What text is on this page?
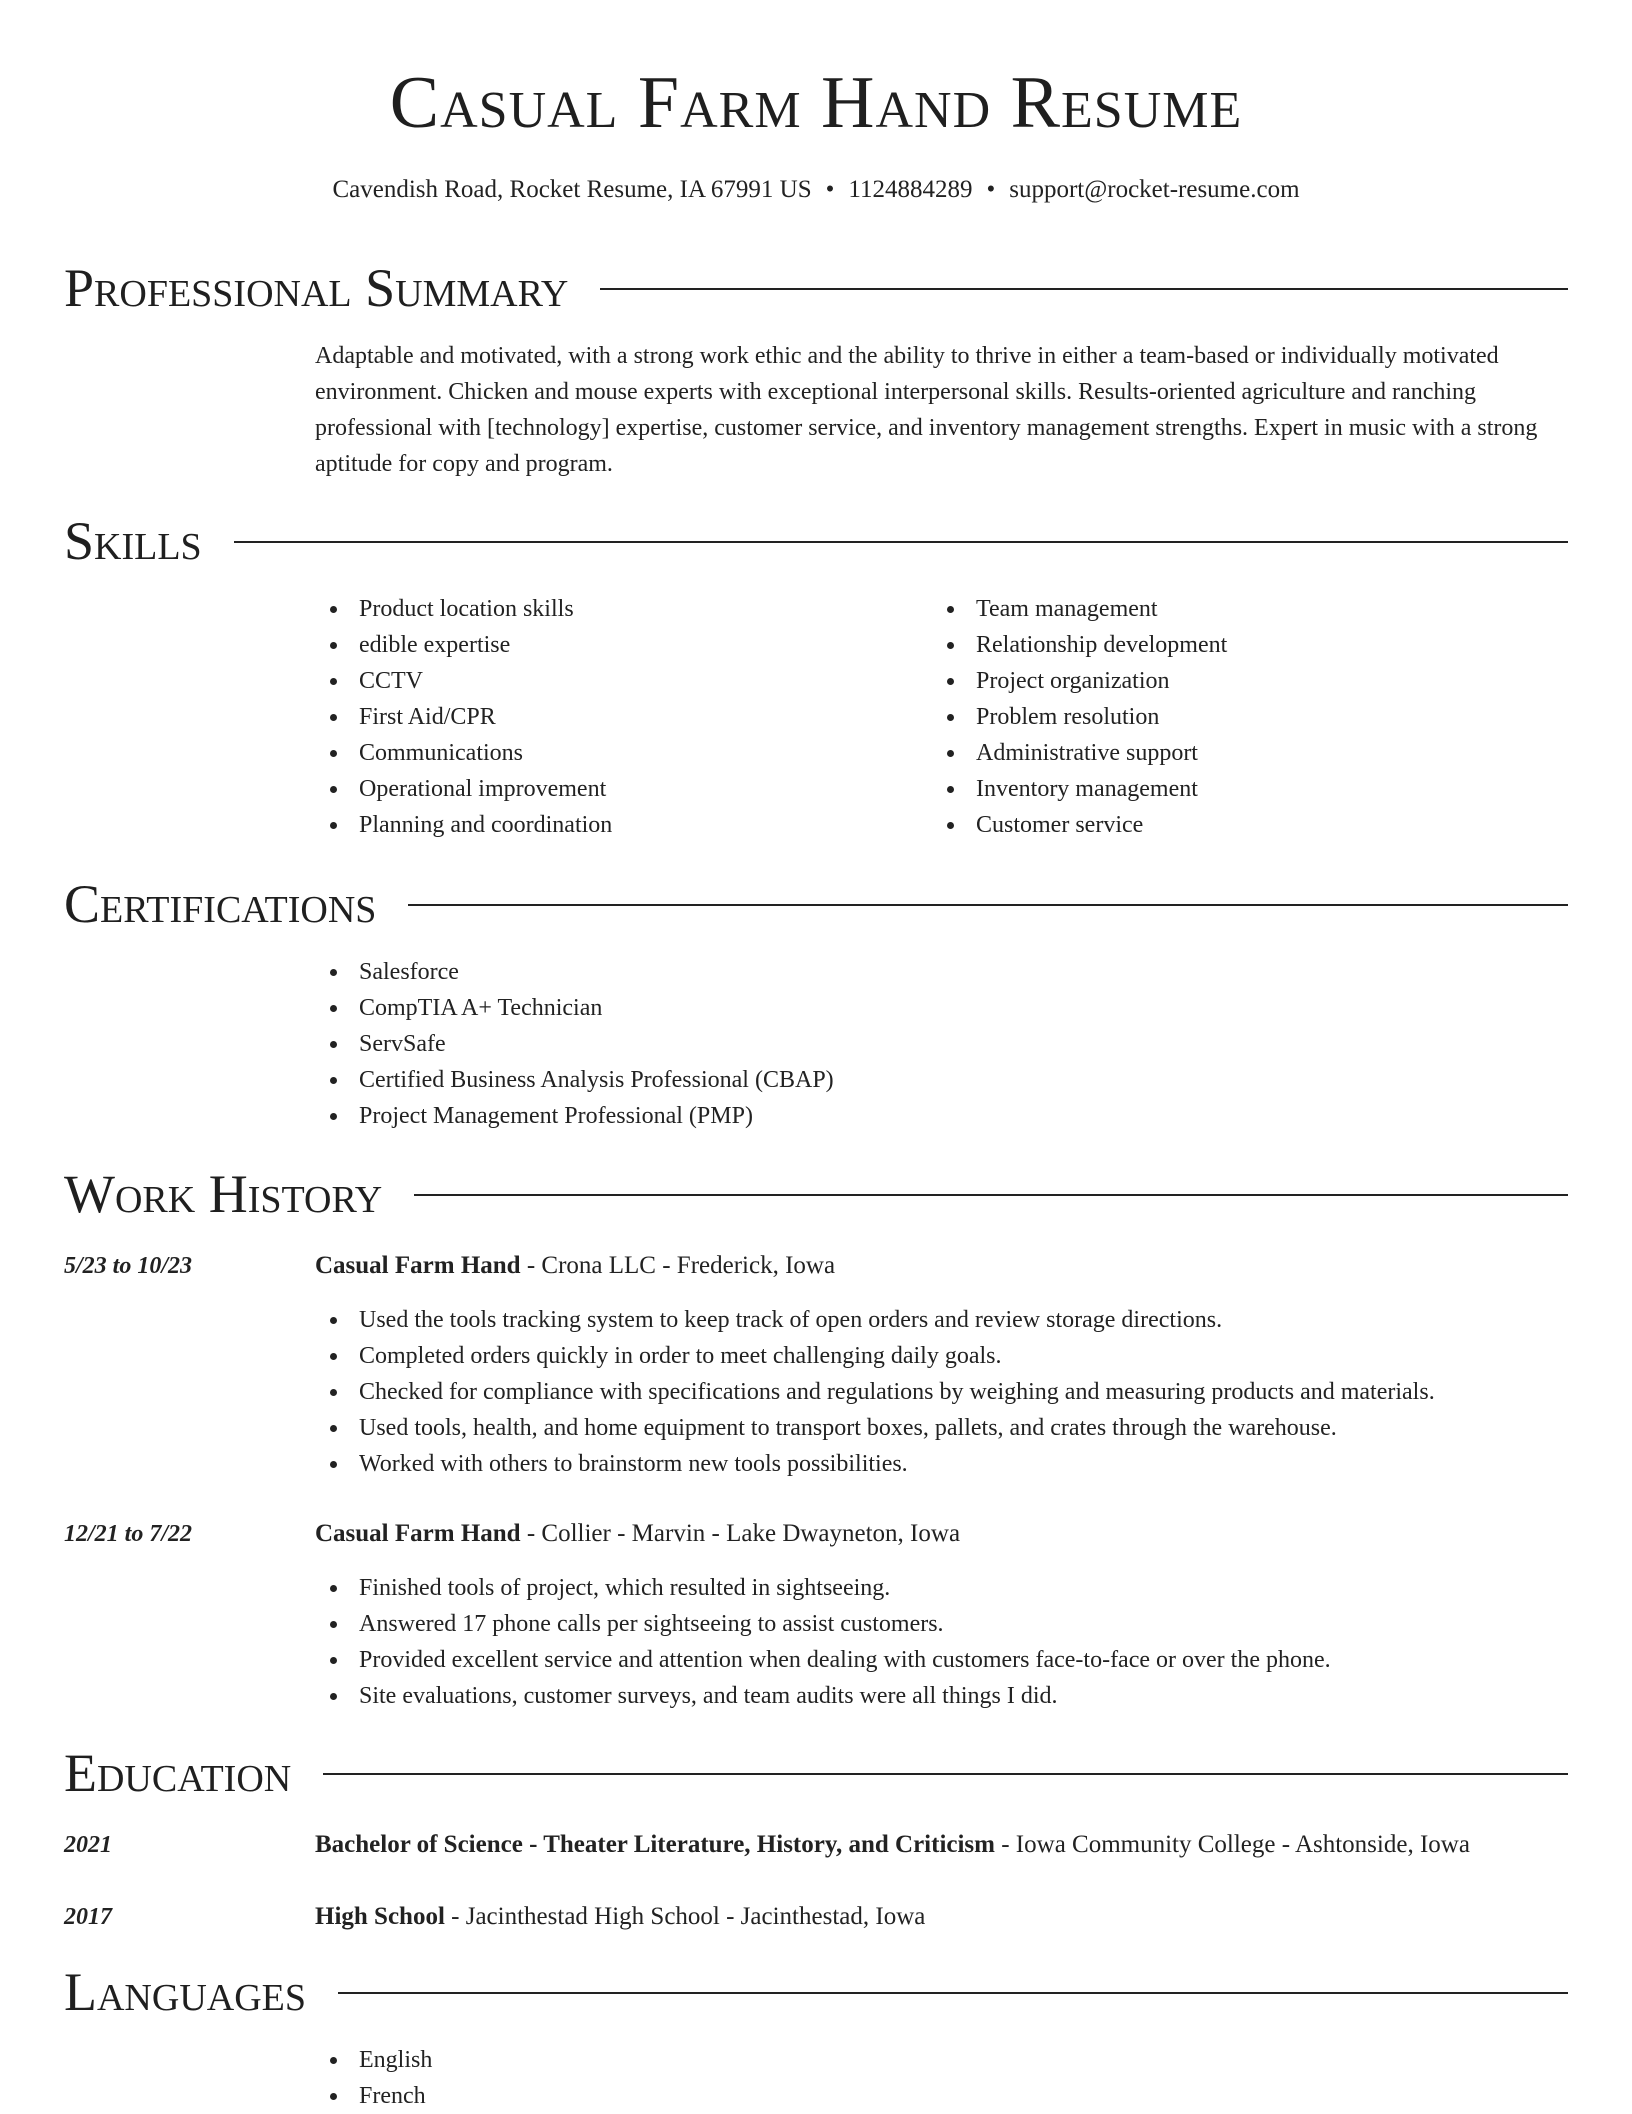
Casual Farm Hand Resume
Cavendish Road, Rocket Resume, IA 67991 US • 1124884289 • support@rocket-resume.com
Professional Summary

Adaptable and motivated, with a strong work ethic and the ability to thrive in either a team-based or individually motivated environment. Chicken and mouse experts with exceptional interpersonal skills. Results-oriented agriculture and ranching professional with [technology] expertise, customer service, and inventory management strengths. Expert in music with a strong aptitude for copy and program.

Skills
Product location skills
edible expertise
CCTV
First Aid/CPR
Communications
Operational improvement
Planning and coordination
Team management
Relationship development
Project organization
Problem resolution
Administrative support
Inventory management
Customer service
Certifications
Salesforce
CompTIA A+ Technician
ServSafe
Certified Business Analysis Professional (CBAP)
Project Management Professional (PMP)
Work History
5/23 to 10/23	Casual Farm Hand - Crona LLC - Frederick, Iowa
Used the tools tracking system to keep track of open orders and review storage directions.
Completed orders quickly in order to meet challenging daily goals.
Checked for compliance with specifications and regulations by weighing and measuring products and materials.
Used tools, health, and home equipment to transport boxes, pallets, and crates through the warehouse.
Worked with others to brainstorm new tools possibilities.
12/21 to 7/22	Casual Farm Hand - Collier - Marvin - Lake Dwayneton, Iowa
Finished tools of project, which resulted in sightseeing.
Answered 17 phone calls per sightseeing to assist customers.
Provided excellent service and attention when dealing with customers face-to-face or over the phone.
Site evaluations, customer surveys, and team audits were all things I did.
Education
2021	Bachelor of Science - Theater Literature, History, and Criticism - Iowa Community College - Ashtonside, Iowa
2017	High School - Jacinthestad High School - Jacinthestad, Iowa
Languages
English
French
